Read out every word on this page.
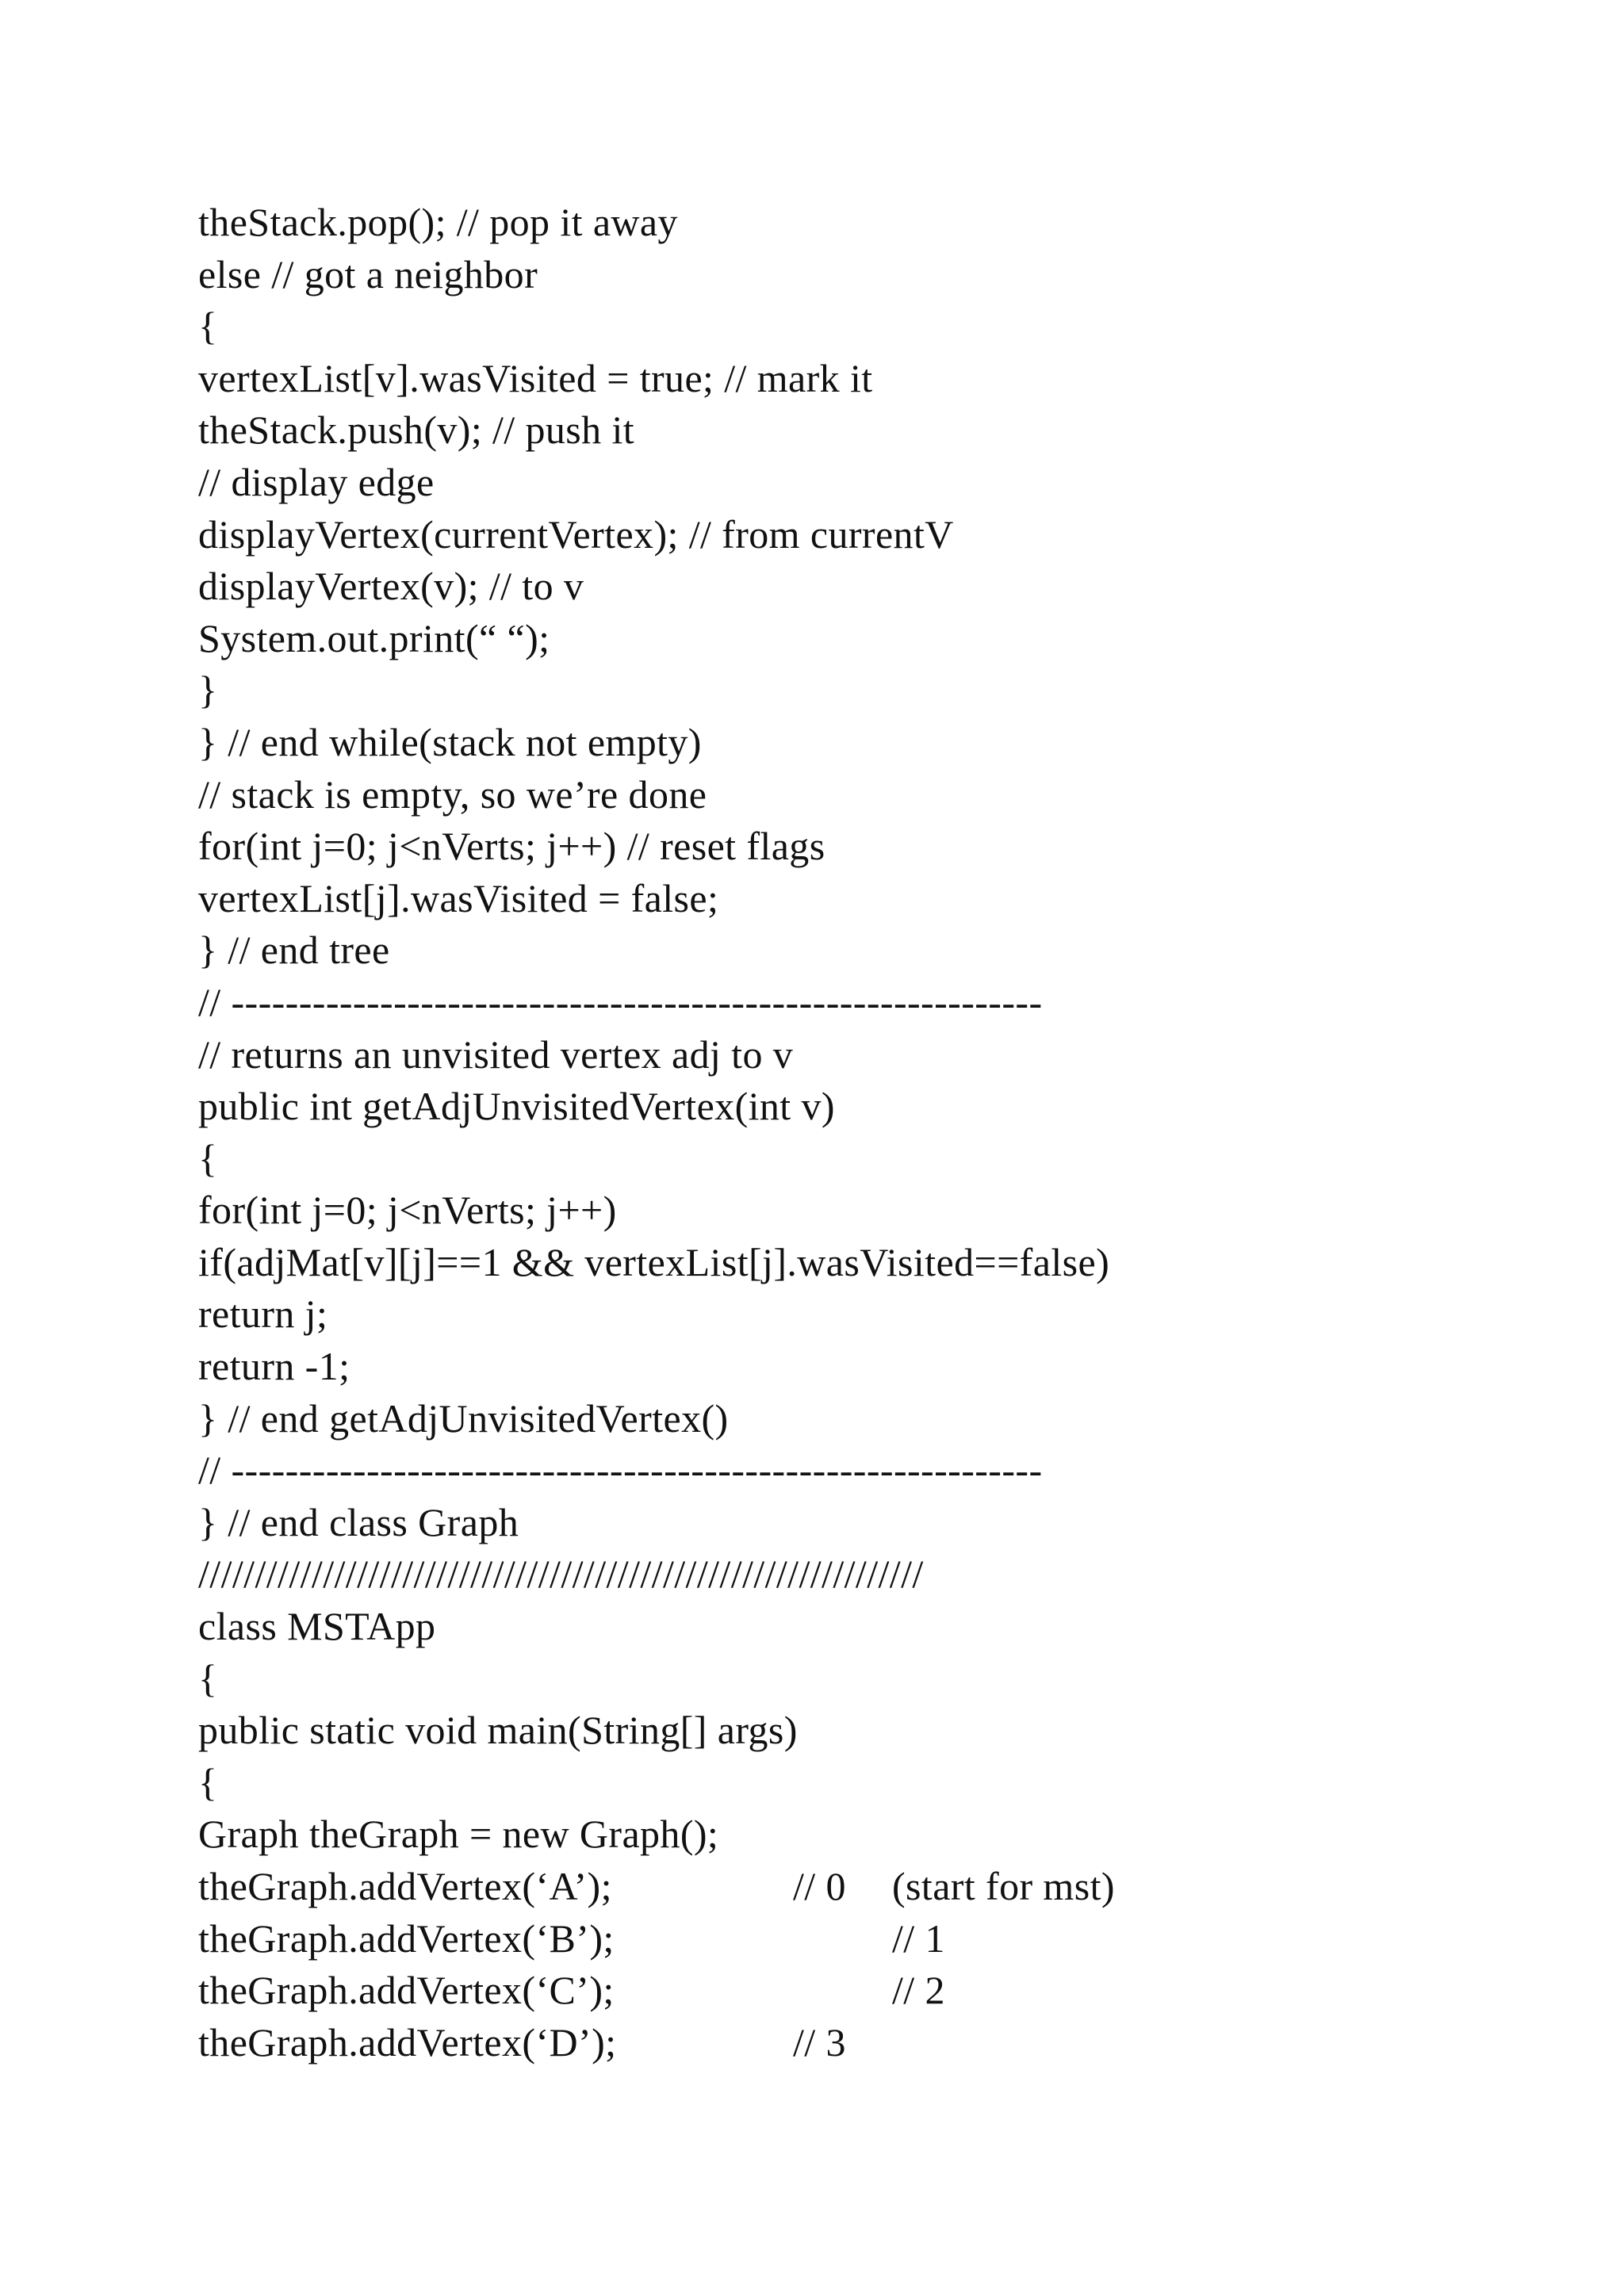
theStack.pop(); // pop it away
else // got a neighbor
{
vertexList[v].wasVisited = true; // mark it
theStack.push(v); // push it
// display edge
displayVertex(currentVertex); // from currentV
displayVertex(v); // to v
System.out.print(“ “);
}
} // end while(stack not empty)
// stack is empty, so we’re done
for(int j=0; j<nVerts; j++) // reset flags
vertexList[j].wasVisited = false;
} // end tree
// ------------------------------------------------------------
// returns an unvisited vertex adj to v
public int getAdjUnvisitedVertex(int v)
{
for(int j=0; j<nVerts; j++)
if(adjMat[v][j]==1 && vertexList[j].wasVisited==false)
return j;
return -1;
} // end getAdjUnvisitedVertex()
// ------------------------------------------------------------
} // end class Graph
////////////////////////////////////////////////////////////////
class MSTApp
{
public static void main(String[] args)
{
Graph theGraph = new Graph();
theGraph.addVertex(‘A’);	// 0 (start for mst)
theGraph.addVertex(‘B’);	// 1
theGraph.addVertex(‘C’);	// 2
theGraph.addVertex(‘D’);	// 3
